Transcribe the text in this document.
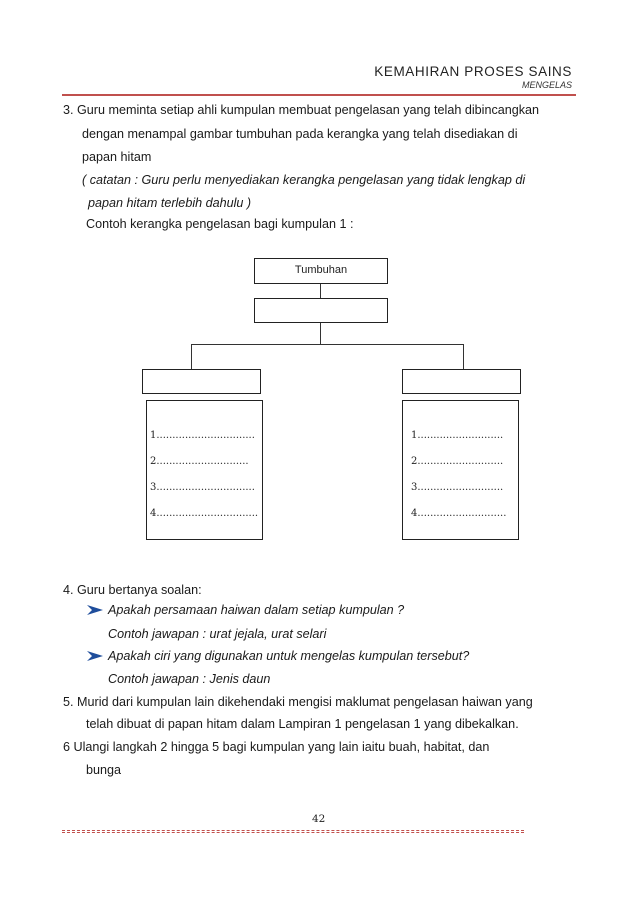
KEMAHIRAN PROSES SAINS
MENGELAS
3. Guru meminta setiap ahli kumpulan membuat pengelasan yang telah dibincangkan
dengan menampal gambar tumbuhan pada kerangka yang telah disediakan di
papan hitam
( catatan : Guru perlu menyediakan kerangka pengelasan yang tidak lengkap di
papan hitam terlebih dahulu )
Contoh kerangka pengelasan bagi kumpulan 1 :
Tumbuhan
1...............................
2.............................
3...............................
4................................
1...........................
2...........................
3...........................
4............................
4. Guru bertanya soalan:
Apakah persamaan haiwan dalam setiap kumpulan ?
Contoh jawapan : urat jejala, urat selari
Apakah ciri yang digunakan untuk mengelas kumpulan tersebut?
Contoh jawapan : Jenis daun
5. Murid dari kumpulan lain dikehendaki mengisi maklumat pengelasan haiwan yang
telah dibuat di papan hitam dalam Lampiran 1 pengelasan 1 yang dibekalkan.
6 Ulangi langkah 2 hingga 5 bagi kumpulan yang lain iaitu buah, habitat, dan
bunga
42
